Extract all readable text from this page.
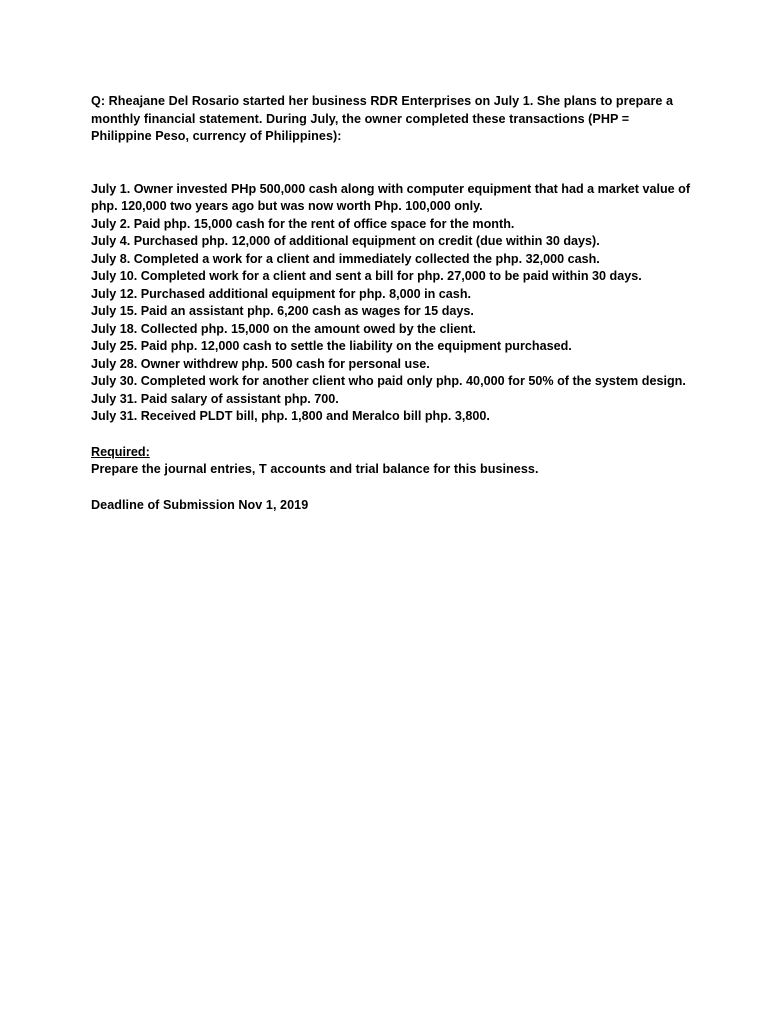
Q: Rheajane Del Rosario started her business RDR Enterprises on July 1. She plans to prepare a monthly financial statement. During July, the owner completed these transactions (PHP = Philippine Peso, currency of Philippines):

July 1. Owner invested PHp 500,000 cash along with computer equipment that had a market value of php. 120,000 two years ago but was now worth Php. 100,000 only.
July 2. Paid php. 15,000 cash for the rent of office space for the month.
July 4. Purchased php. 12,000 of additional equipment on credit (due within 30 days).
July 8. Completed a work for a client and immediately collected the php. 32,000 cash.
July 10. Completed work for a client and sent a bill for php. 27,000 to be paid within 30 days.
July 12. Purchased additional equipment for php. 8,000 in cash.
July 15. Paid an assistant php. 6,200 cash as wages for 15 days.
July 18. Collected php. 15,000 on the amount owed by the client.
July 25. Paid php. 12,000 cash to settle the liability on the equipment purchased.
July 28. Owner withdrew php. 500 cash for personal use.
July 30. Completed work for another client who paid only php. 40,000 for 50% of the system design.
July 31. Paid salary of assistant php. 700.
July 31. Received PLDT bill, php. 1,800 and Meralco bill php. 3,800.

Required:

Prepare the journal entries, T accounts and trial balance for this business.

Deadline of Submission Nov 1, 2019
